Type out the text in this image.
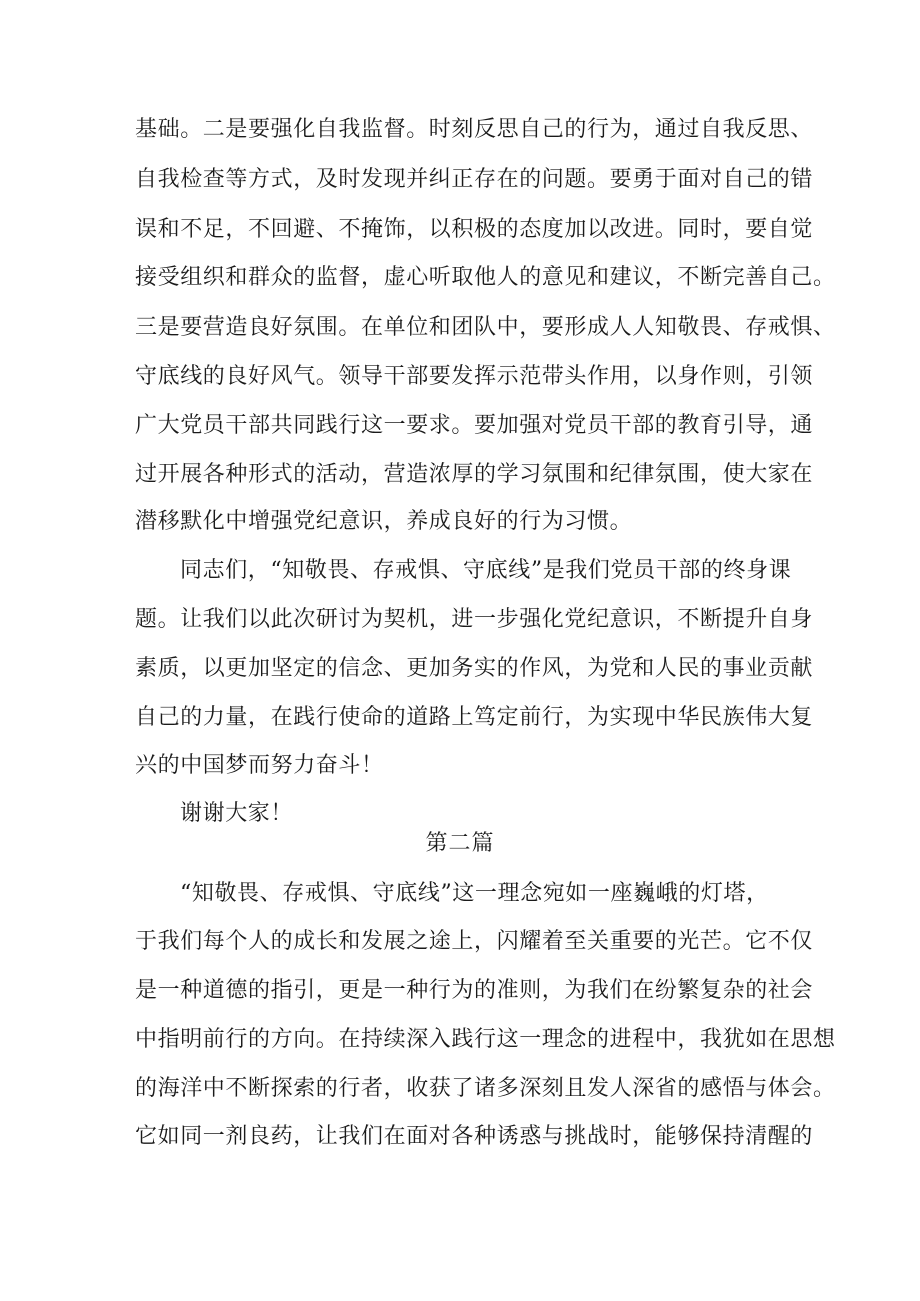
基础。二是要强化自我监督。时刻反思自己的行为，通过自我反思、
自我检查等方式，及时发现并纠正存在的问题。要勇于面对自己的错
误和不足，不回避、不掩饰，以积极的态度加以改进。同时，要自觉
接受组织和群众的监督，虚心听取他人的意见和建议，不断完善自己。
三是要营造良好氛围。在单位和团队中，要形成人人知敬畏、存戒惧、
守底线的良好风气。领导干部要发挥示范带头作用，以身作则，引领
广大党员干部共同践行这一要求。要加强对党员干部的教育引导，通
过开展各种形式的活动，营造浓厚的学习氛围和纪律氛围，使大家在
潜移默化中增强党纪意识，养成良好的行为习惯。
同志们，“知敬畏、存戒惧、守底线”是我们党员干部的终身课
题。让我们以此次研讨为契机，进一步强化党纪意识，不断提升自身
素质，以更加坚定的信念、更加务实的作风，为党和人民的事业贡献
自己的力量，在践行使命的道路上笃定前行，为实现中华民族伟大复
兴的中国梦而努力奋斗！
谢谢大家！
第二篇
“知敬畏、存戒惧、守底线”这一理念宛如一座巍峨的灯塔，
于我们每个人的成长和发展之途上，闪耀着至关重要的光芒。它不仅
是一种道德的指引，更是一种行为的准则，为我们在纷繁复杂的社会
中指明前行的方向。在持续深入践行这一理念的进程中，我犹如在思想
的海洋中不断探索的行者，收获了诸多深刻且发人深省的感悟与体会。
它如同一剂良药，让我们在面对各种诱惑与挑战时，能够保持清醒的
